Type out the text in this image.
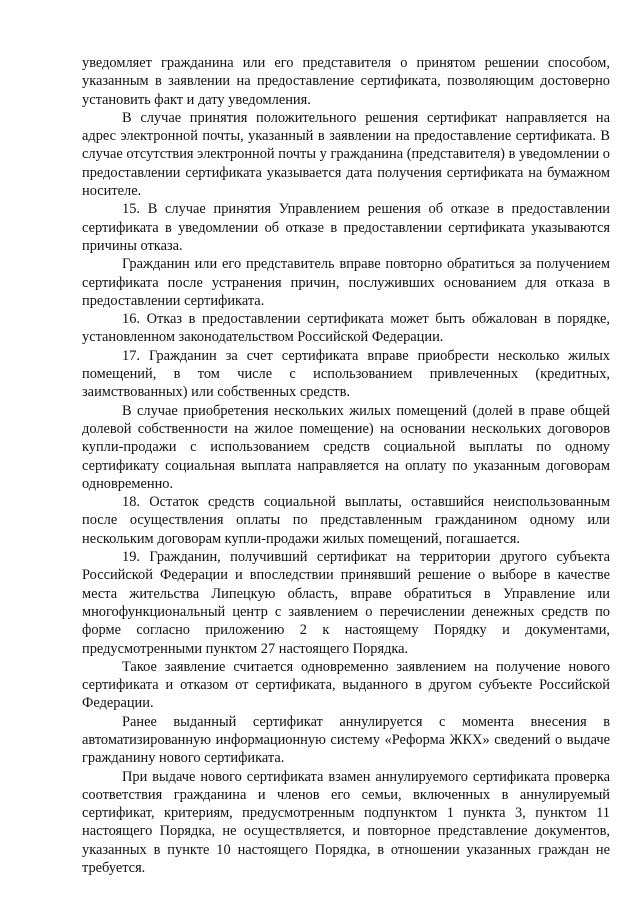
уведомляет гражданина или его представителя о принятом решении способом, указанным в заявлении на предоставление сертификата, позволяющим достоверно установить факт и дату уведомления.

В случае принятия положительного решения сертификат направляется на адрес электронной почты, указанный в заявлении на предоставление сертификата. В случае отсутствия электронной почты у гражданина (представителя) в уведомлении о предоставлении сертификата указывается дата получения сертификата на бумажном носителе.

15. В случае принятия Управлением решения об отказе в предоставлении сертификата в уведомлении об отказе в предоставлении сертификата указываются причины отказа.

Гражданин или его представитель вправе повторно обратиться за получением сертификата после устранения причин, послуживших основанием для отказа в предоставлении сертификата.

16. Отказ в предоставлении сертификата может быть обжалован в порядке, установленном законодательством Российской Федерации.

17. Гражданин за счет сертификата вправе приобрести несколько жилых помещений, в том числе с использованием привлеченных (кредитных, заимствованных) или собственных средств.

В случае приобретения нескольких жилых помещений (долей в праве общей долевой собственности на жилое помещение) на основании нескольких договоров купли-продажи с использованием средств социальной выплаты по одному сертификату социальная выплата направляется на оплату по указанным договорам одновременно.

18. Остаток средств социальной выплаты, оставшийся неиспользованным после осуществления оплаты по представленным гражданином одному или нескольким договорам купли-продажи жилых помещений, погашается.

19. Гражданин, получивший сертификат на территории другого субъекта Российской Федерации и впоследствии принявший решение о выборе в качестве места жительства Липецкую область, вправе обратиться в Управление или многофункциональный центр с заявлением о перечислении денежных средств по форме согласно приложению 2 к настоящему Порядку и документами, предусмотренными пунктом 27 настоящего Порядка.

Такое заявление считается одновременно заявлением на получение нового сертификата и отказом от сертификата, выданного в другом субъекте Российской Федерации.

Ранее выданный сертификат аннулируется с момента внесения в автоматизированную информационную систему «Реформа ЖКХ» сведений о выдаче гражданину нового сертификата.

При выдаче нового сертификата взамен аннулируемого сертификата проверка соответствия гражданина и членов его семьи, включенных в аннулируемый сертификат, критериям, предусмотренным подпунктом 1 пункта 3, пунктом 11 настоящего Порядка, не осуществляется, и повторное представление документов, указанных в пункте 10 настоящего Порядка, в отношении указанных граждан не требуется.
